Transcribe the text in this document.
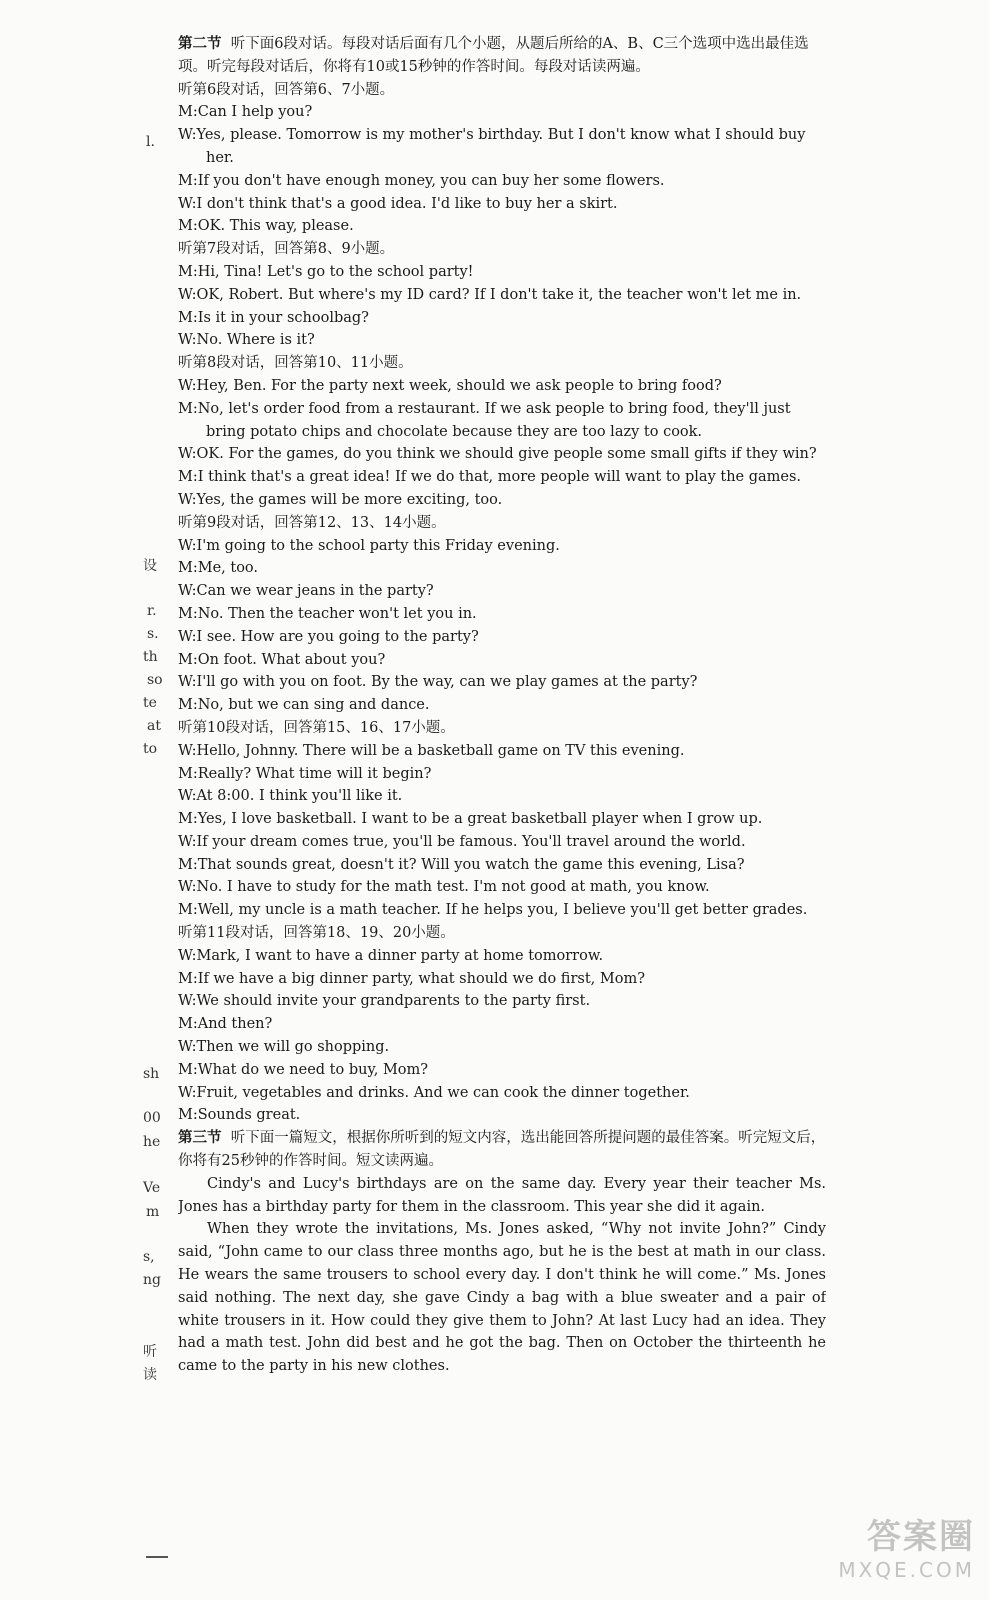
第二节 听下面6段对话。每段对话后面有几个小题，从题后所给的A、B、C三个选项中选出最佳选项。听完每段对话后，你将有10或15秒钟的作答时间。每段对话读两遍。
听第6段对话，回答第6、7小题。
M:Can I help you?
W:Yes, please. Tomorrow is my mother's birthday. But I don't know what I should buy her.
M:If you don't have enough money, you can buy her some flowers.
W:I don't think that's a good idea. I'd like to buy her a skirt.
M:OK. This way, please.
听第7段对话，回答第8、9小题。
M:Hi, Tina! Let's go to the school party!
W:OK, Robert. But where's my ID card? If I don't take it, the teacher won't let me in.
M:Is it in your schoolbag?
W:No. Where is it?
听第8段对话，回答第10、11小题。
W:Hey, Ben. For the party next week, should we ask people to bring food?
M:No, let's order food from a restaurant. If we ask people to bring food, they'll just bring potato chips and chocolate because they are too lazy to cook.
W:OK. For the games, do you think we should give people some small gifts if they win?
M:I think that's a great idea! If we do that, more people will want to play the games.
W:Yes, the games will be more exciting, too.
听第9段对话，回答第12、13、14小题。
W:I'm going to the school party this Friday evening.
M:Me, too.
W:Can we wear jeans in the party?
M:No. Then the teacher won't let you in.
W:I see. How are you going to the party?
M:On foot. What about you?
W:I'll go with you on foot. By the way, can we play games at the party?
M:No, but we can sing and dance.
听第10段对话，回答第15、16、17小题。
W:Hello, Johnny. There will be a basketball game on TV this evening.
M:Really? What time will it begin?
W:At 8:00. I think you'll like it.
M:Yes, I love basketball. I want to be a great basketball player when I grow up.
W:If your dream comes true, you'll be famous. You'll travel around the world.
M:That sounds great, doesn't it? Will you watch the game this evening, Lisa?
W:No. I have to study for the math test. I'm not good at math, you know.
M:Well, my uncle is a math teacher. If he helps you, I believe you'll get better grades.
听第11段对话，回答第18、19、20小题。
W:Mark, I want to have a dinner party at home tomorrow.
M:If we have a big dinner party, what should we do first, Mom?
W:We should invite your grandparents to the party first.
M:And then?
W:Then we will go shopping.
M:What do we need to buy, Mom?
W:Fruit, vegetables and drinks. And we can cook the dinner together.
M:Sounds great.
第三节 听下面一篇短文，根据你所听到的短文内容，选出能回答所提问题的最佳答案。听完短文后，你将有25秒钟的作答时间。短文读两遍。
Cindy's and Lucy's birthdays are on the same day. Every year their teacher Ms. Jones has a birthday party for them in the classroom. This year she did it again.
When they wrote the invitations, Ms. Jones asked, “Why not invite John?” Cindy said, “John came to our class three months ago, but he is the best at math in our class. He wears the same trousers to school every day. I don't think he will come.” Ms. Jones said nothing. The next day, she gave Cindy a bag with a blue sweater and a pair of white trousers in it. How could they give them to John? At last Lucy had an idea. They had a math test. John did best and he got the bag. Then on October the thirteenth he came to the party in his new clothes.
l.
设
r.
s.
th
so
te
at
to
sh
00
he
Ve
m
s,
ng
听
读
答案圈
MXQE.COM
